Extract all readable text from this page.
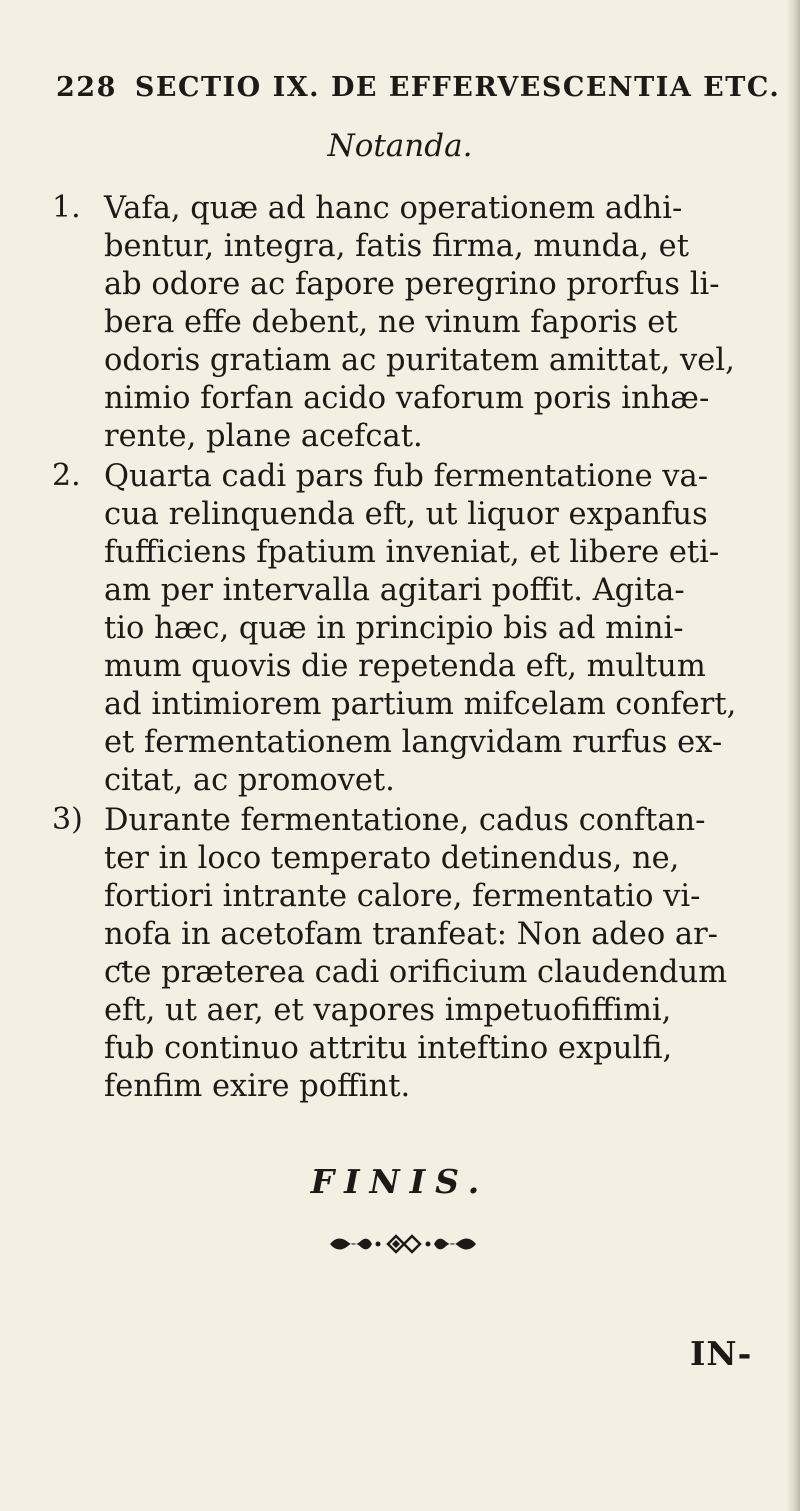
228 SECTIO IX. DE EFFERVESCENTIA ETC.
Notanda.
1. Vafa, quæ ad hanc operationem adhi-
bentur, integra, fatis firma, munda, et
ab odore ac fapore peregrino prorfus li-
bera effe debent, ne vinum faporis et
odoris gratiam ac puritatem amittat, vel,
nimio forfan acido vaforum poris inhæ-
rente, plane acefcat.
2. Quarta cadi pars fub fermentatione va-
cua relinquenda eft, ut liquor expanfus
fufficiens fpatium inveniat, et libere eti-
am per intervalla agitari poffit. Agita-
tio hæc, quæ in principio bis ad mini-
mum quovis die repetenda eft, multum
ad intimiorem partium mifcelam confert,
et fermentationem langvidam rurfus ex-
citat, ac promovet.
3) Durante fermentatione, cadus conftan-
ter in loco temperato detinendus, ne,
fortiori intrante calore, fermentatio vi-
nofa in acetofam tranfeat: Non adeo ar-
ƈte præterea cadi orificium claudendum
eft, ut aer, et vapores impetuofiffimi,
fub continuo attritu inteftino expulfi,
fenfim exire poffint.
FINIS.
IN-
